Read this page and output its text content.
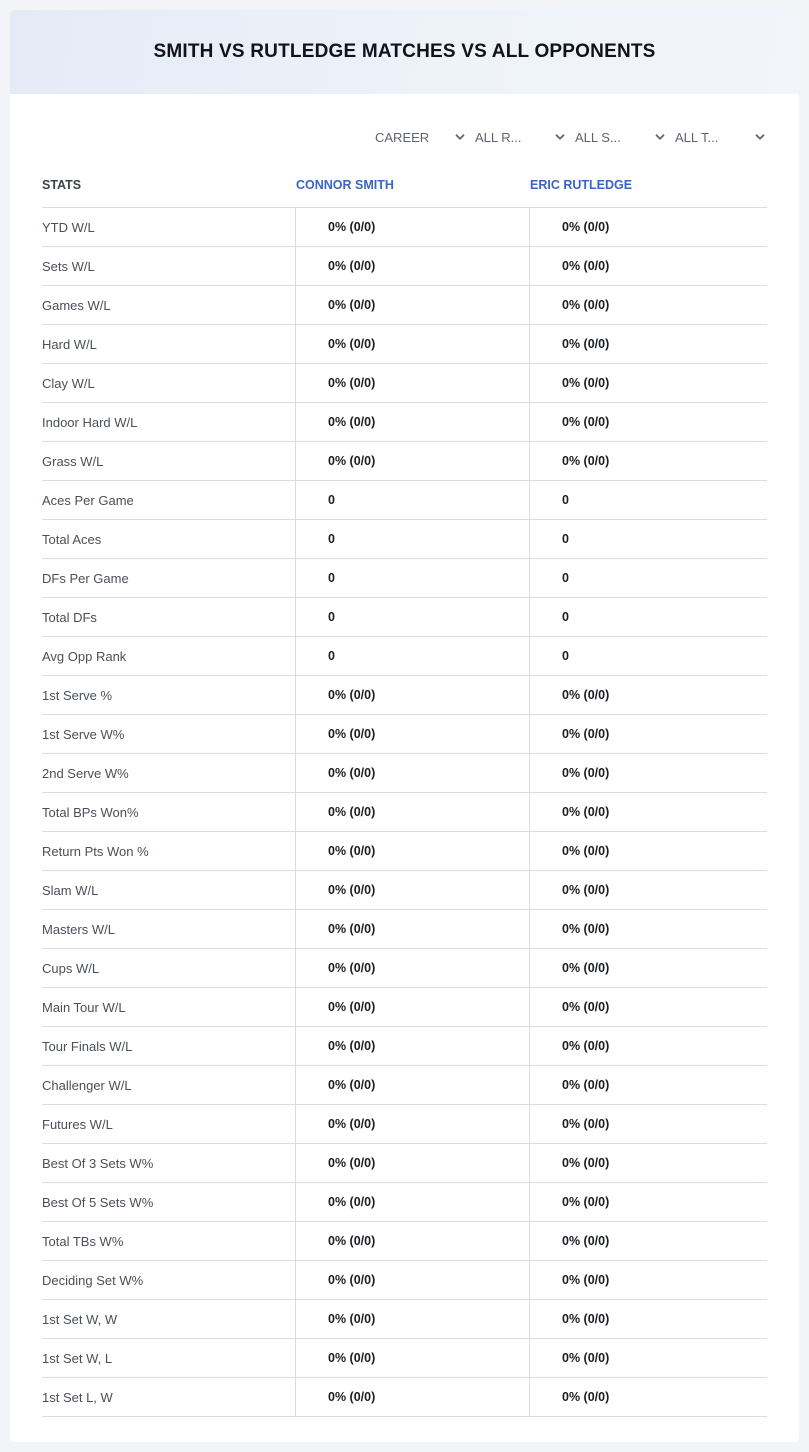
SMITH VS RUTLEDGE MATCHES VS ALL OPPONENTS
CAREER	ALL R...	ALL S...	ALL T...
STATS	CONNOR SMITH	ERIC RUTLEDGE
YTD W/L	0% (0/0)	0% (0/0)
Sets W/L	0% (0/0)	0% (0/0)
Games W/L	0% (0/0)	0% (0/0)
Hard W/L	0% (0/0)	0% (0/0)
Clay W/L	0% (0/0)	0% (0/0)
Indoor Hard W/L	0% (0/0)	0% (0/0)
Grass W/L	0% (0/0)	0% (0/0)
Aces Per Game	0	0
Total Aces	0	0
DFs Per Game	0	0
Total DFs	0	0
Avg Opp Rank	0	0
1st Serve %	0% (0/0)	0% (0/0)
1st Serve W%	0% (0/0)	0% (0/0)
2nd Serve W%	0% (0/0)	0% (0/0)
Total BPs Won%	0% (0/0)	0% (0/0)
Return Pts Won %	0% (0/0)	0% (0/0)
Slam W/L	0% (0/0)	0% (0/0)
Masters W/L	0% (0/0)	0% (0/0)
Cups W/L	0% (0/0)	0% (0/0)
Main Tour W/L	0% (0/0)	0% (0/0)
Tour Finals W/L	0% (0/0)	0% (0/0)
Challenger W/L	0% (0/0)	0% (0/0)
Futures W/L	0% (0/0)	0% (0/0)
Best Of 3 Sets W%	0% (0/0)	0% (0/0)
Best Of 5 Sets W%	0% (0/0)	0% (0/0)
Total TBs W%	0% (0/0)	0% (0/0)
Deciding Set W%	0% (0/0)	0% (0/0)
1st Set W, W	0% (0/0)	0% (0/0)
1st Set W, L	0% (0/0)	0% (0/0)
1st Set L, W	0% (0/0)	0% (0/0)
